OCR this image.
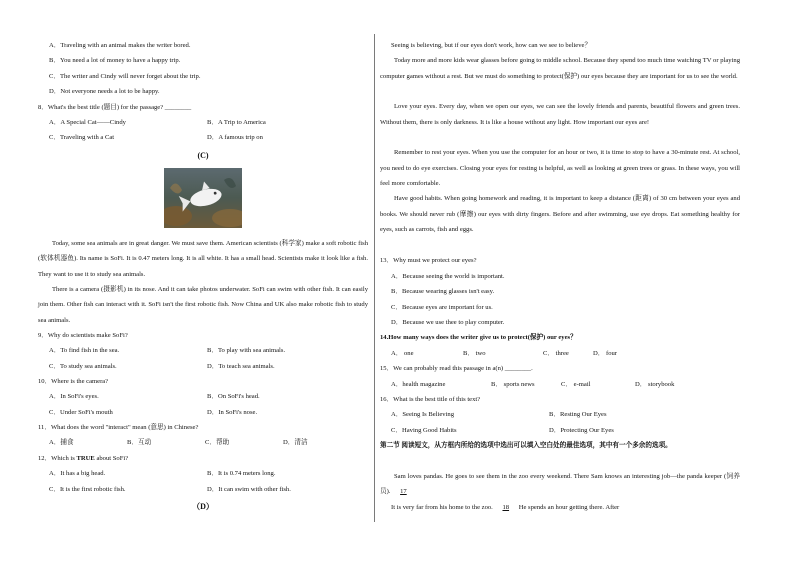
A．Traveling with an animal makes the writer bored.
B．You need a lot of money to have a happy trip.
C．The writer and Cindy will never forget about the trip.
D．Not everyone needs a lot to be happy.
8．What's the best title (题目) for the passage? ________
A．A Special Cat——Cindy	B．A Trip to America
C．Traveling with a Cat	D．A famous trip on
(C)
Today, some sea animals are in great danger. We must save them. American scientists (科学家) make a soft robotic fish (软体机器鱼). Its name is SoFi. It is 0.47 meters long. It is all white. It has a small head. Scientists make it look like a fish. They want to use it to study sea animals.
There is a camera (摄影机) in its nose. And it can take photos underwater. SoFi can swim with other fish. It can easily join them. Other fish can interact with it. SoFi isn't the first robotic fish. Now China and UK also make robotic fish to study sea animals.
9．Why do scientists make SoFi?
A．To find fish in the sea.	B．To play with sea animals.
C．To study sea animals.	D．To teach sea animals.
10．Where is the camera?
A．In SoFi's eyes.	B．On SoFi's head.
C．Under SoFi's mouth	D．In SoFi's nose.
11．What does the word "interact" mean (意思) in Chinese?
A．捕食	B．互动	C．帮助	D．清洁
12．Which is TRUE about SoFi?
A．It has a big head.	B．It is 0.74 meters long.
C．It is the first robotic fish.	D．It can swim with other fish.
（D）
Seeing is believing, but if our eyes don't work, how can we see to believe？
Today more and more kids wear glasses before going to middle school. Because they spend too much time watching TV or playing computer games without a rest. But we must do something to protect(保护) our eyes because they are important for us to see the world.
Love your eyes. Every day, when we open our eyes, we can see the lovely friends and parents, beautiful flowers and green trees. Without them, there is only darkness. It is like a house without any light. How important our eyes are!
Remember to rest your eyes. When you use the computer for an hour or two, it is time to stop to have a 30-minute rest. At school, you need to do eye exercises. Closing your eyes for resting is helpful, as well as looking at green trees or grass. In these ways, you will feel more comfortable.
Have good habits. When going homework and reading, it is important to keep a distance (距离) of 30 cm between your eyes and books. We should never rub (摩擦) our eyes with dirty fingers. Before and after swimming, use eye drops. Eat something healthy for eyes, such as carrots, fish and eggs.
13．Why must we protect our eyes?
A．Because seeing the world is important.
B．Because wearing glasses isn't easy.
C．Because eyes are important for us.
D．Because we use thee to play computer.
14.How many ways does the writer give us to protect(保护) our eyes？
A． one	B． two	C． three	D． four
15．We can probably read this passage in a(n) ________.
A．health magazine	B． sports news	C． e-mail	D． storybook
16．What is the best title of this text?
A．Seeing Is Believing	B．Resting Our Eyes
C．Having Good Habits	D．Protecting Our Eyes
第二节 阅读短文，从方框内所给的选项中选出可以填入空白处的最佳选项，其中有一个多余的选项。
Sam loves pandas. He goes to see them in the zoo every weekend. There Sam knows an interesting job—the panda keeper (饲养员). 17
It is very far from his home to the zoo. 18 He spends an hour getting there. After
